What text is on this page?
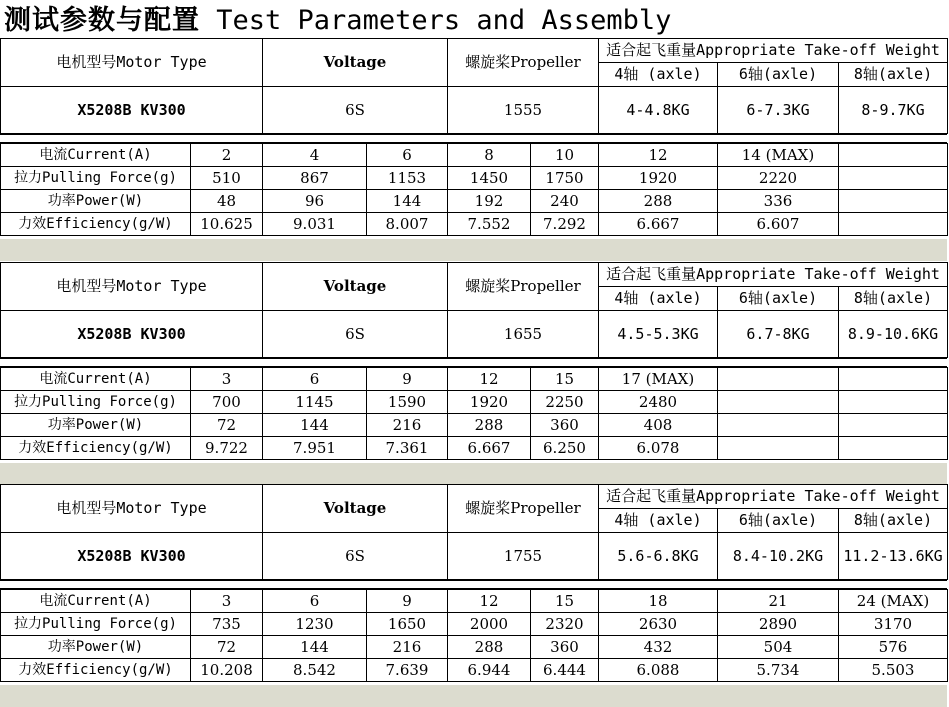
测试参数与配置 Test Parameters and Assembly
电机型号Motor Type	Voltage	螺旋桨Propeller	适合起飞重量Appropriate Take-off Weight		
			4轴 (axle)	6轴(axle)	8轴(axle)
X5208B KV300	6S	1555	4-4.8KG	6-7.3KG	8-9.7KG
电流Current(A)	2	4	6	8	10	12	14 (MAX)	
拉力Pulling Force(g)	510	867	1153	1450	1750	1920	2220	
功率Power(W)	48	96	144	192	240	288	336	
力效Efficiency(g/W)	10.625	9.031	8.007	7.552	7.292	6.667	6.607	
电机型号Motor Type	Voltage	螺旋桨Propeller	适合起飞重量Appropriate Take-off Weight		
			4轴 (axle)	6轴(axle)	8轴(axle)
X5208B KV300	6S	1655	4.5-5.3KG	6.7-8KG	8.9-10.6KG
电流Current(A)	3	6	9	12	15	17 (MAX)		
拉力Pulling Force(g)	700	1145	1590	1920	2250	2480		
功率Power(W)	72	144	216	288	360	408		
力效Efficiency(g/W)	9.722	7.951	7.361	6.667	6.250	6.078		
电机型号Motor Type	Voltage	螺旋桨Propeller	适合起飞重量Appropriate Take-off Weight		
			4轴 (axle)	6轴(axle)	8轴(axle)
X5208B KV300	6S	1755	5.6-6.8KG	8.4-10.2KG	11.2-13.6KG
电流Current(A)	3	6	9	12	15	18	21	24 (MAX)
拉力Pulling Force(g)	735	1230	1650	2000	2320	2630	2890	3170
功率Power(W)	72	144	216	288	360	432	504	576
力效Efficiency(g/W)	10.208	8.542	7.639	6.944	6.444	6.088	5.734	5.503
